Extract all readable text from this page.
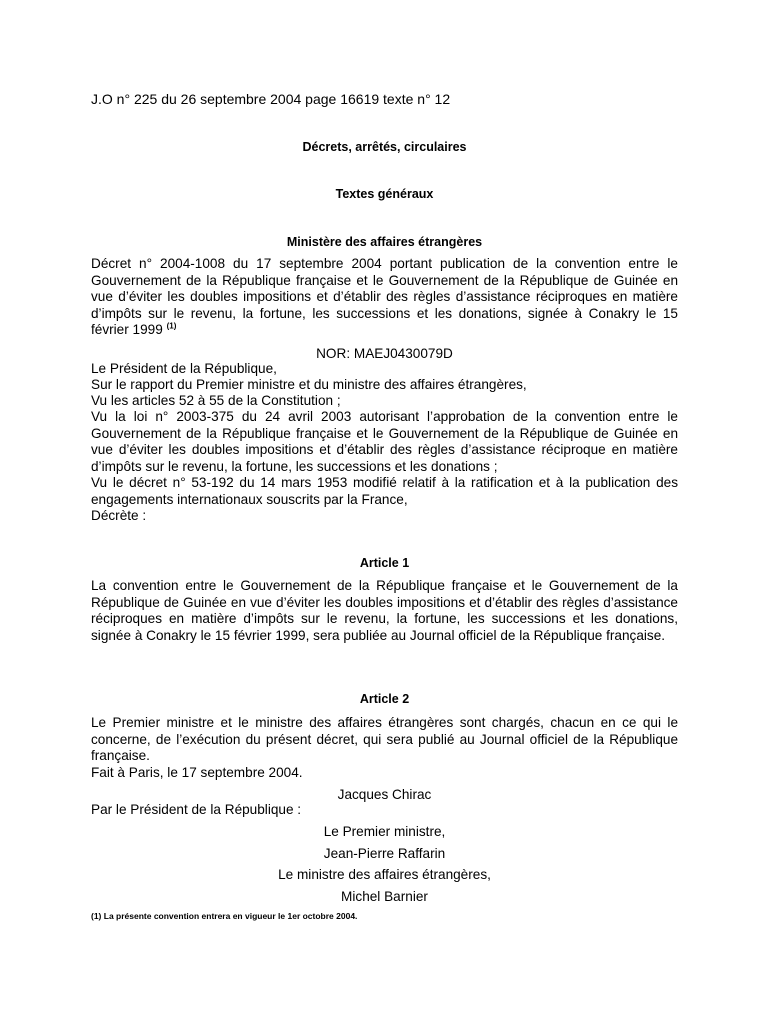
J.O n° 225 du 26 septembre 2004 page 16619 texte n° 12
Décrets, arrêtés, circulaires
Textes généraux
Ministère des affaires étrangères
Décret n° 2004-1008 du 17 septembre 2004 portant publication de la convention entre le Gouvernement de la République française et le Gouvernement de la République de Guinée en vue d’éviter les doubles impositions et d’établir des règles d’assistance réciproques en matière d’impôts sur le revenu, la fortune, les successions et les donations, signée à Conakry le 15 février 1999 $^{(1)}$
NOR: MAEJ0430079D
Le Président de la République,
Sur le rapport du Premier ministre et du ministre des affaires étrangères,
Vu les articles 52 à 55 de la Constitution ;
Vu la loi n° 2003-375 du 24 avril 2003 autorisant l’approbation de la convention entre le Gouvernement de la République française et le Gouvernement de la République de Guinée en vue d’éviter les doubles impositions et d’établir des règles d’assistance réciproque en matière d’impôts sur le revenu, la fortune, les successions et les donations ;
Vu le décret n° 53-192 du 14 mars 1953 modifié relatif à la ratification et à la publication des engagements internationaux souscrits par la France,
Décrète :
Article 1
La convention entre le Gouvernement de la République française et le Gouvernement de la République de Guinée en vue d’éviter les doubles impositions et d’établir des règles d’assistance réciproques en matière d’impôts sur le revenu, la fortune, les successions et les donations, signée à Conakry le 15 février 1999, sera publiée au Journal officiel de la République française.
Article 2
Le Premier ministre et le ministre des affaires étrangères sont chargés, chacun en ce qui le concerne, de l’exécution du présent décret, qui sera publié au Journal officiel de la République française.
Fait à Paris, le 17 septembre 2004.
Jacques Chirac
Par le Président de la République :
Le Premier ministre,
Jean-Pierre Raffarin
Le ministre des affaires étrangères,
Michel Barnier
(1) La présente convention entrera en vigueur le 1er octobre 2004.
